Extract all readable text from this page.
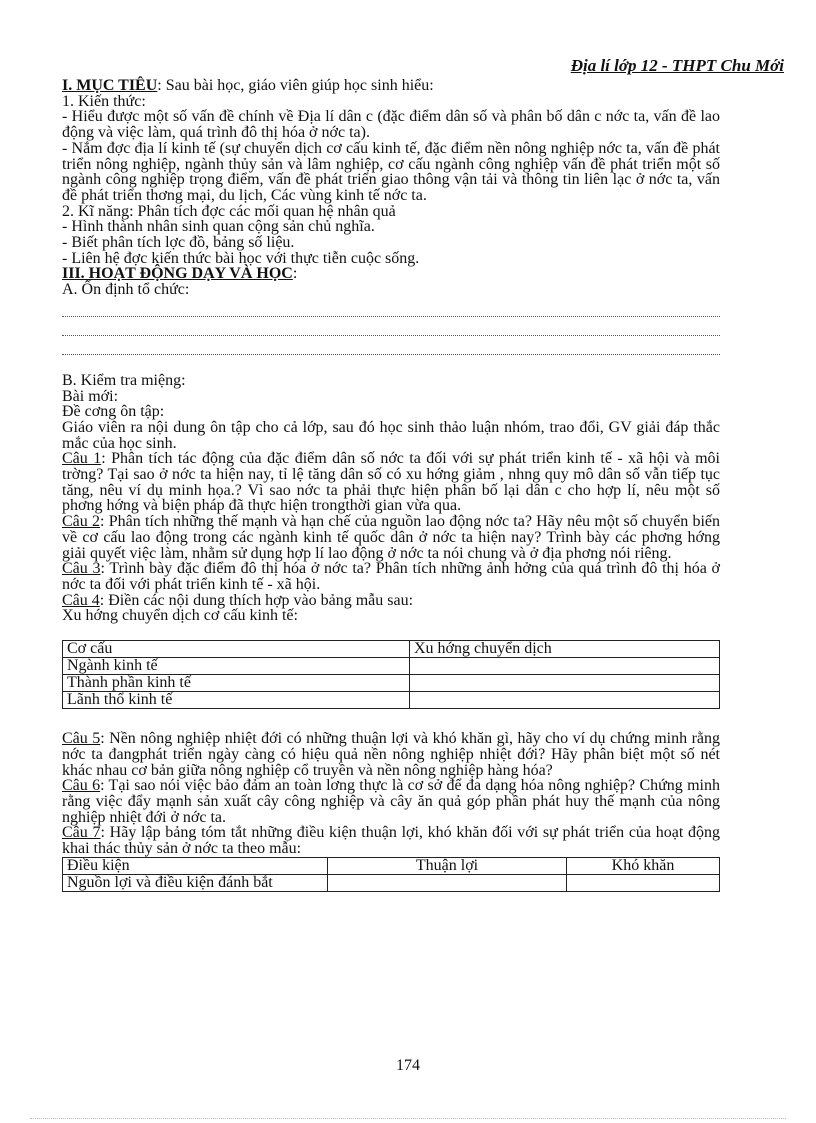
Địa lí lớp 12 - THPT Chu Mới

I. MỤC TIÊU: Sau bài học, giáo viên giúp học sinh hiểu:

1. Kiến thức:

- Hiểu được một số vấn đề chính về Địa lí dân c (đặc điểm dân số và phân bố dân c nớc ta, vấn đề lao động và việc làm, quá trình đô thị hóa ở nớc ta).

- Nắm đợc địa lí kinh tế (sự chuyển dịch cơ cấu kinh tế, đặc điểm nền nông nghiệp nớc ta, vấn đề phát triển nông nghiệp, ngành thủy sản và lâm nghiệp, cơ cấu ngành công nghiệp vấn đề phát triển một số ngành công nghiệp trọng điểm, vấn đề phát triển giao thông vận tải và thông tin liên lạc ở nớc ta, vấn đề phát triển thơng mại, du lịch, Các vùng kinh tế nớc ta.

2. Kĩ năng: Phân tích đợc các mối quan hệ nhân quả

- Hình thành nhân sinh quan cộng sản chủ nghĩa.

- Biết phân tích lợc đồ, bảng số liệu.

- Liên hệ đợc kiến thức bài học với thực tiễn cuộc sống.

III. HOẠT ĐỘNG DẠY VÀ HỌC:

A. Ổn định tổ chức:

B. Kiểm tra miệng:

Bài mới:

Đề cơng ôn tập:

Giáo viên ra nội dung ôn tập cho cả lớp, sau đó học sinh thảo luận nhóm, trao đổi, GV giải đáp thắc mắc của học sinh.

Câu 1: Phân tích tác động của đặc điểm dân số nớc ta đối với sự phát triển kinh tế - xã hội và môi trờng? Tại sao ở nớc ta hiện nay, tỉ lệ tăng dân số có xu hớng giảm , nhng quy mô dân số vẫn tiếp tục tăng, nêu ví dụ minh họa.? Vì sao nớc ta phải thực hiện phân bố lại dân c cho hợp lí, nêu một số phơng hớng và biện pháp đã thực hiện trongthời gian vừa qua.

Câu 2: Phân tích những thế mạnh và hạn chế của nguồn lao động nớc ta? Hãy nêu một số chuyển biến về cơ cấu lao động trong các ngành kinh tế quốc dân ở nớc ta hiện nay? Trình bày các phơng hớng giải quyết việc làm, nhằm sử dụng hợp lí lao động ở nớc ta nói chung và ở địa phơng nói riêng.

Câu 3: Trình bày đặc điểm đô thị hóa ở nớc ta? Phân tích những ảnh hởng của quá trình đô thị hóa ở nớc ta đối với phát triển kinh tế - xã hội.

Câu 4: Điền các nội dung thích hợp vào bảng mẫu sau:

Xu hớng chuyển dịch cơ cấu kinh tế:

Cơ cấu	Xu hớng chuyển dịch
Ngành kinh tế	
Thành phần kinh tế	
Lãnh thổ kinh tế	

Câu 5: Nền nông nghiệp nhiệt đới có những thuận lợi và khó khăn gì, hãy cho ví dụ chứng minh rằng nớc ta đangphát triển ngày càng có hiệu quả nền nông nghiệp nhiệt đới? Hãy phân biệt một số nét khác nhau cơ bản giữa nông nghiệp cổ truyền và nền nông nghiệp hàng hóa?

Câu 6: Tại sao nói việc bảo đảm an toàn lơng thực là cơ sở để đa dạng hóa nông nghiệp? Chứng minh rằng việc đẩy mạnh sản xuất cây công nghiệp và cây ăn quả góp phần phát huy thế mạnh của nông nghiệp nhiệt đới ở nớc ta.

Câu 7: Hãy lập bảng tóm tắt những điều kiện thuận lợi, khó khăn đối với sự phát triển của hoạt động khai thác thủy sản ở nớc ta theo mẫu:

Điều kiện	Thuận lợi	Khó khăn
Nguồn lợi và điều kiện đánh bắt		
174
